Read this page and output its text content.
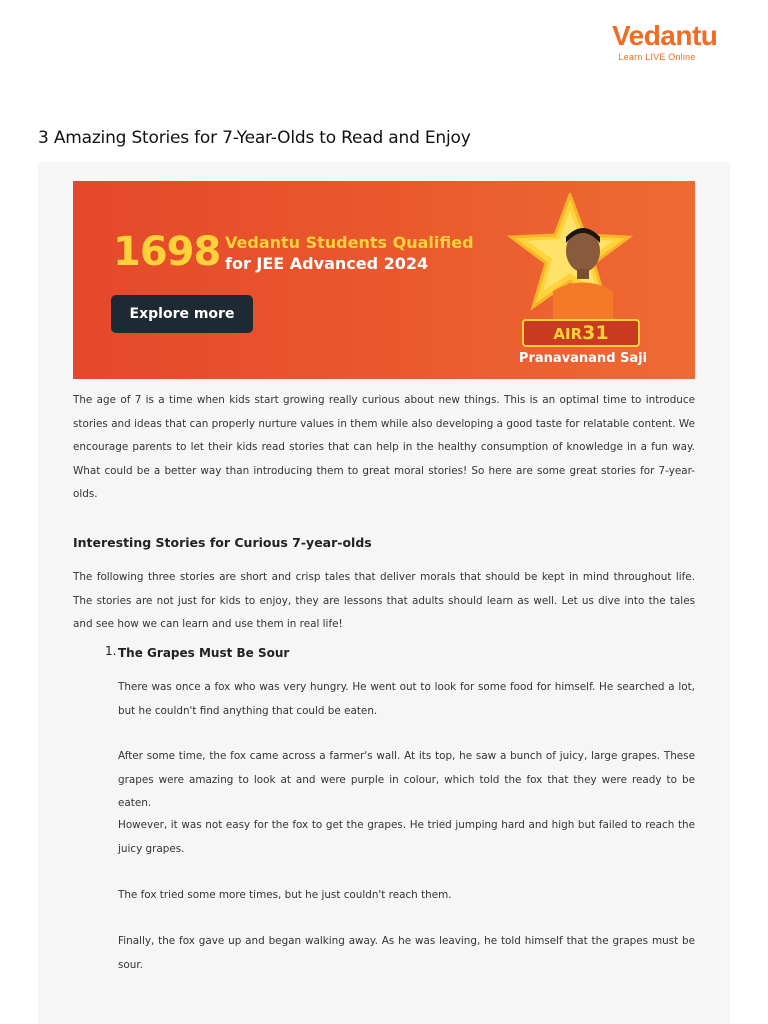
Vedantu
Learn LIVE Online
3 Amazing Stories for 7-Year-Olds to Read and Enjoy
1698 Vedantu Students Qualified
for JEE Advanced 2024
Explore more
AIR31
Pranavanand Saji

The age of 7 is a time when kids start growing really curious about new things. This is an optimal time to introduce stories and ideas that can properly nurture values in them while also developing a good taste for relatable content. We encourage parents to let their kids read stories that can help in the healthy consumption of knowledge in a fun way. What could be a better way than introducing them to great moral stories! So here are some great stories for 7-year-olds.

Interesting Stories for Curious 7-year-olds

The following three stories are short and crisp tales that deliver morals that should be kept in mind throughout life. The stories are not just for kids to enjoy, they are lessons that adults should learn as well. Let us dive into the tales and see how we can learn and use them in real life!

1. The Grapes Must Be Sour

There was once a fox who was very hungry. He went out to look for some food for himself. He searched a lot, but he couldn't find anything that could be eaten.

After some time, the fox came across a farmer's wall. At its top, he saw a bunch of juicy, large grapes. These grapes were amazing to look at and were purple in colour, which told the fox that they were ready to be eaten.

However, it was not easy for the fox to get the grapes. He tried jumping hard and high but failed to reach the juicy grapes.

The fox tried some more times, but he just couldn't reach them.

Finally, the fox gave up and began walking away. As he was leaving, he told himself that the grapes must be sour.
